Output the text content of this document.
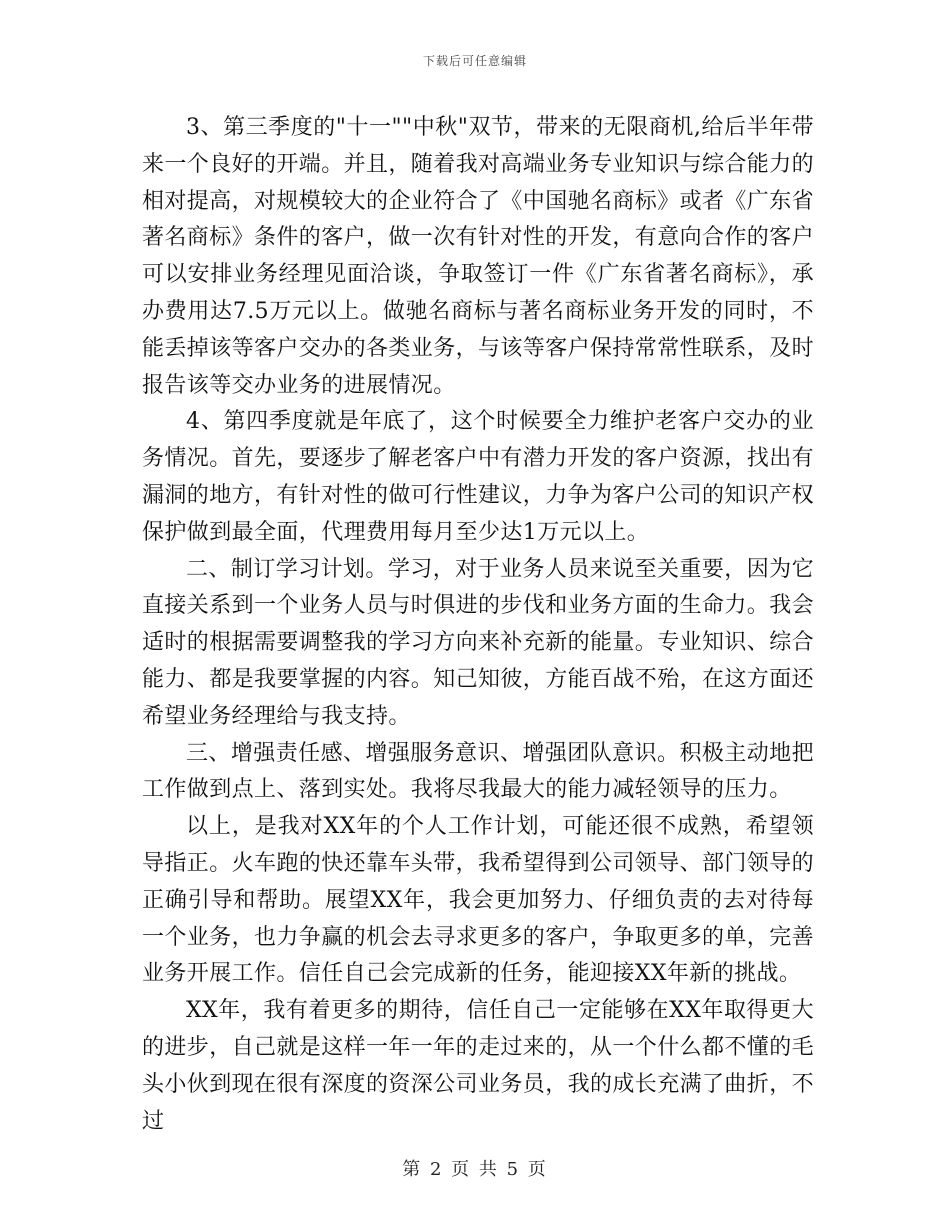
下载后可任意编辑

3、第三季度的"十一""中秋"双节，带来的无限商机,给后半年带来一个良好的开端。并且，随着我对高端业务专业知识与综合能力的相对提高，对规模较大的企业符合了《中国驰名商标》或者《广东省著名商标》条件的客户，做一次有针对性的开发，有意向合作的客户可以安排业务经理见面洽谈，争取签订一件《广东省著名商标》，承办费用达7.5万元以上。做驰名商标与著名商标业务开发的同时，不能丢掉该等客户交办的各类业务，与该等客户保持常常性联系，及时报告该等交办业务的进展情况。

4、第四季度就是年底了，这个时候要全力维护老客户交办的业务情况。首先，要逐步了解老客户中有潜力开发的客户资源，找出有漏洞的地方，有针对性的做可行性建议，力争为客户公司的知识产权保护做到最全面，代理费用每月至少达1万元以上。

二、制订学习计划。学习，对于业务人员来说至关重要，因为它直接关系到一个业务人员与时俱进的步伐和业务方面的生命力。我会适时的根据需要调整我的学习方向来补充新的能量。专业知识、综合能力、都是我要掌握的内容。知己知彼，方能百战不殆，在这方面还希望业务经理给与我支持。

三、增强责任感、增强服务意识、增强团队意识。积极主动地把工作做到点上、落到实处。我将尽我最大的能力减轻领导的压力。

以上，是我对XX年的个人工作计划，可能还很不成熟，希望领导指正。火车跑的快还靠车头带，我希望得到公司领导、部门领导的正确引导和帮助。展望XX年，我会更加努力、仔细负责的去对待每一个业务，也力争赢的机会去寻求更多的客户，争取更多的单，完善业务开展工作。信任自己会完成新的任务，能迎接XX年新的挑战。

XX年，我有着更多的期待，信任自己一定能够在XX年取得更大的进步，自己就是这样一年一年的走过来的，从一个什么都不懂的毛头小伙到现在很有深度的资深公司业务员，我的成长充满了曲折，不过

第 2 页 共 5 页
